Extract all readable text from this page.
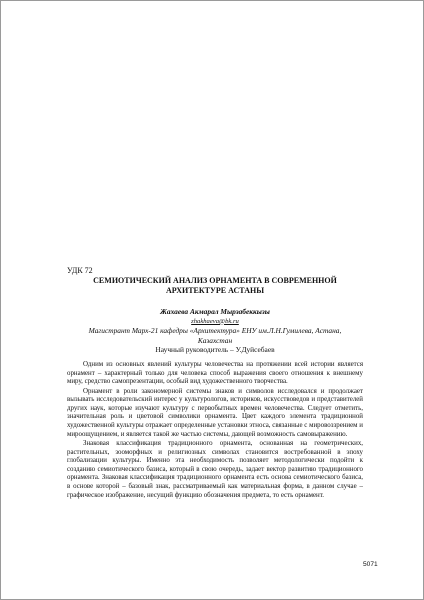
УДК 72
СЕМИОТИЧЕСКИЙ АНАЛИЗ ОРНАМЕНТА В СОВРЕМЕННОЙ
АРХИТЕКТУРЕ АСТАНЫ
Жахаева Акмарал Мырзабеккызы
zhakhaeva@bk.ru
Магистрант Марх-21 кафедры «Архитектура» ЕНУ им.Л.Н.Гумилева, Астана,
Казахстан
Научный руководитель – У.Дуйсебаев

Одним из основных явлений культуры человечества на протяжении всей истории является орнамент – характерный только для человека способ выражения своего отношения к внешнему миру, средство самопрезентации, особый вид художественного творчества.

Орнамент в роли закономерной системы знаков и символов исследовался и продолжает вызывать исследовательский интерес у культурологов, историков, искусствоведов и представителей других наук, которые изучают культуру с первобытных времен человечества. Следует отметить, значительная роль и цветовой символики орнамента. Цвет каждого элемента традиционной художественной культуры отражает определенные установки этноса, связанные с мировоззрением и мироощущением, и является такой же частью системы, дающей возможность самовыражению.

Знаковая классификация традиционного орнамента, основанная на геометрических, растительных, зооморфных и религиозных символах становится востребованной в эпоху глобализации культуры. Именно эта необходимость позволяет методологически подойти к созданию семиотического базиса, который в свою очередь, задает вектор развитию традиционного орнамента. Знаковая классификация традиционного орнамента есть основа семиотического базиса, в основе которой – базовый знак, рассматриваемый как материальная форма, в данном случае – графическое изображение, несущий функцию обозначения предмета, то есть орнамент.

5071
